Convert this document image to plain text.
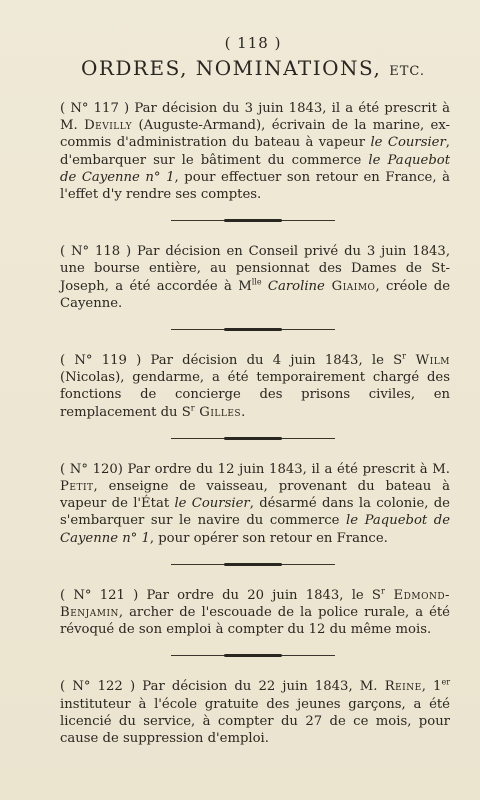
( 118 )
ORDRES, NOMINATIONS, ETC.

( N° 117 ) Par décision du 3 juin 1843, il a été prescrit à M. Devilly (Auguste-Armand), écrivain de la marine, ex-commis d'administration du bateau à vapeur le Coursier, d'embarquer sur le bâtiment du commerce le Paquebot de Cayenne n° 1, pour effectuer son retour en France, à l'effet d'y rendre ses comptes.

( N° 118 ) Par décision en Conseil privé du 3 juin 1843, une bourse entière, au pensionnat des Dames de St-Joseph, a été accordée à $M^{lle}$ Caroline Giaimo, créole de Cayenne.

( N° 119 ) Par décision du 4 juin 1843, le $S^r$ Wilm (Nicolas), gendarme, a été temporairement chargé des fonctions de concierge des prisons civiles, en remplacement du $S^r$ Gilles.

( N° 120) Par ordre du 12 juin 1843, il a été prescrit à M. Petit, enseigne de vaisseau, provenant du bateau à vapeur de l'État le Coursier, désarmé dans la colonie, de s'embarquer sur le navire du commerce le Paquebot de Cayenne n° 1, pour opérer son retour en France.

( N° 121 ) Par ordre du 20 juin 1843, le $S^r$ Edmond-Benjamin, archer de l'escouade de la police rurale, a été révoqué de son emploi à compter du 12 du même mois.

( N° 122 ) Par décision du 22 juin 1843, M. Reine, 1er instituteur à l'école gratuite des jeunes garçons, a été licencié du service, à compter du 27 de ce mois, pour cause de suppression d'emploi.
